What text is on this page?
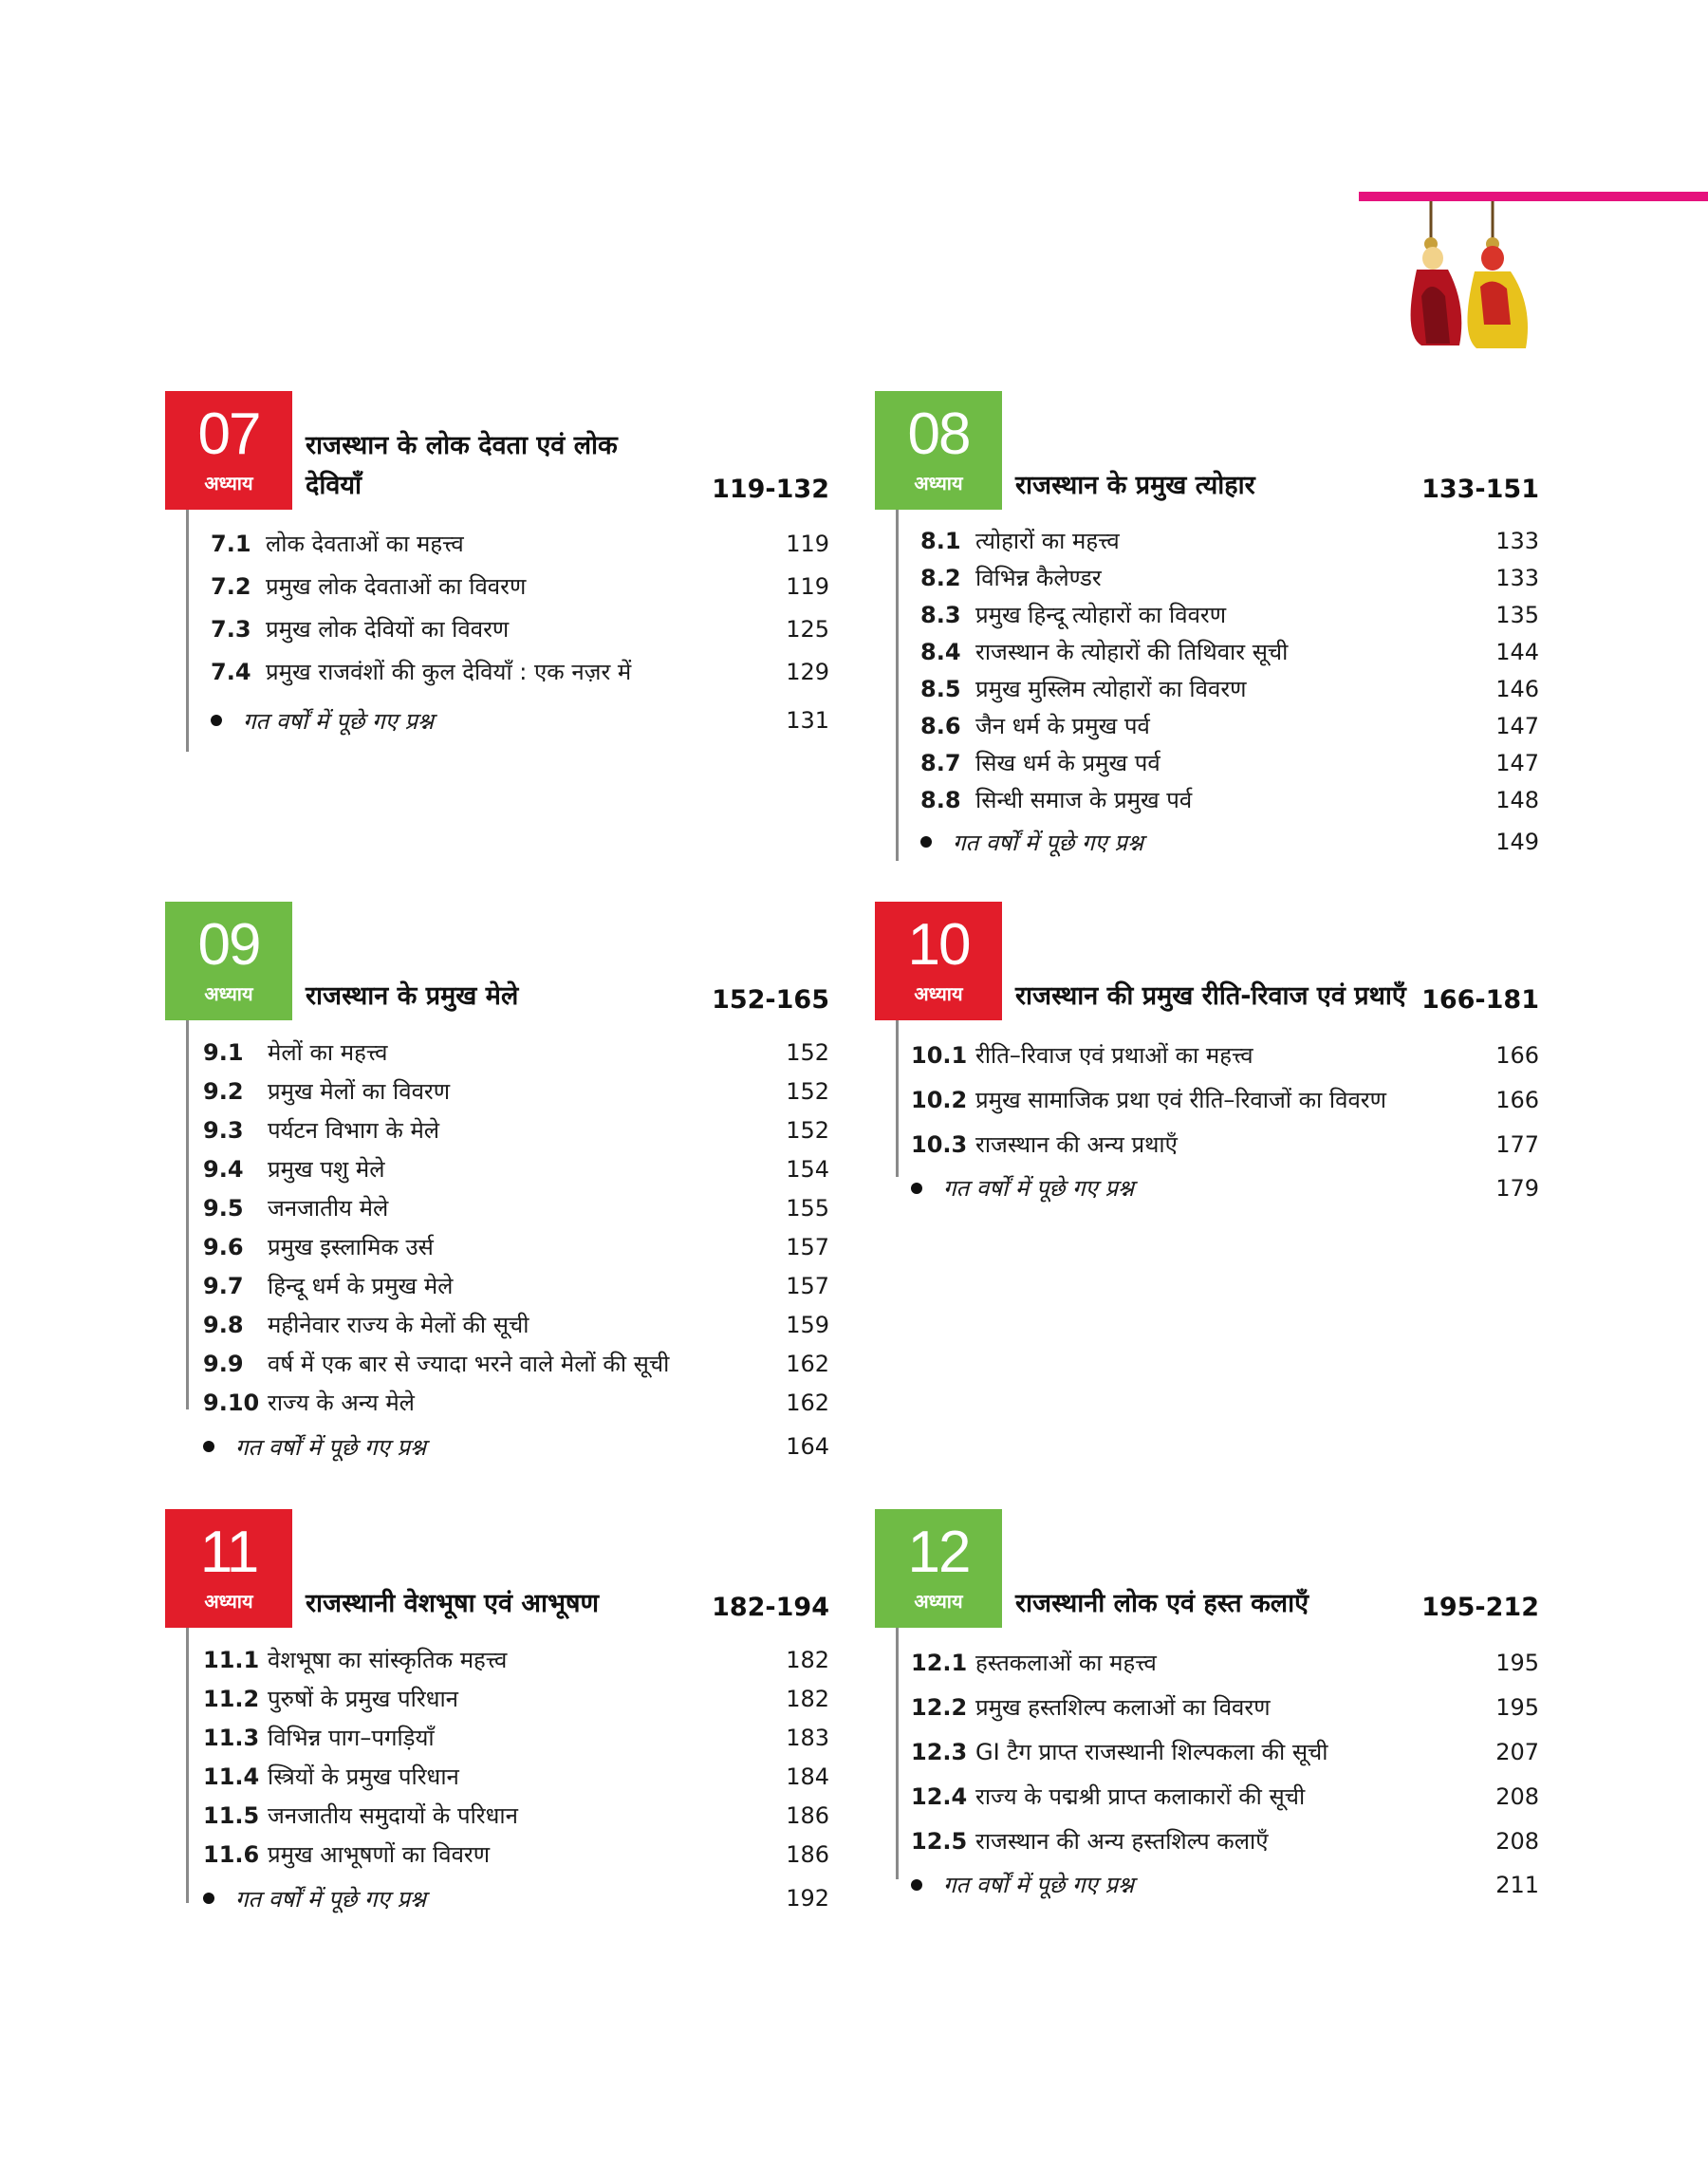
07
अध्याय
राजस्थान के लोक देवता एवं लोक देवियाँ	119-132
7.1 लोक देवताओं का महत्त्व	119
7.2 प्रमुख लोक देवताओं का विवरण	119
7.3 प्रमुख लोक देवियों का विवरण	125
7.4 प्रमुख राजवंशों की कुल देवियाँ : एक नज़र में	129
गत वर्षों में पूछे गए प्रश्न	131
08
अध्याय	राजस्थान के प्रमुख त्योहार	133-151
8.1 त्योहारों का महत्त्व	133
8.2 विभिन्न कैलेण्डर	133
8.3 प्रमुख हिन्दू त्योहारों का विवरण	135
8.4 राजस्थान के त्योहारों की तिथिवार सूची	144
8.5 प्रमुख मुस्लिम त्योहारों का विवरण	146
8.6 जैन धर्म के प्रमुख पर्व	147
8.7 सिख धर्म के प्रमुख पर्व	147
8.8 सिन्धी समाज के प्रमुख पर्व	148
गत वर्षों में पूछे गए प्रश्न	149
09
अध्याय	राजस्थान के प्रमुख मेले	152-165
9.1	मेलों का महत्त्व	152
9.2	प्रमुख मेलों का विवरण	152
9.3	पर्यटन विभाग के मेले	152
9.4	प्रमुख पशु मेले	154
9.5	जनजातीय मेले	155
9.6	प्रमुख इस्लामिक उर्स	157
9.7	हिन्दू धर्म के प्रमुख मेले	157
9.8	महीनेवार राज्य के मेलों की सूची	159
9.9	वर्ष में एक बार से ज्यादा भरने वाले मेलों की सूची	162
9.10 राज्य के अन्य मेले	162
गत वर्षों में पूछे गए प्रश्न	164
10
अध्याय	राजस्थान की प्रमुख रीति-रिवाज एवं प्रथाएँ 166-181
10.1 रीति–रिवाज एवं प्रथाओं का महत्त्व	166
10.2 प्रमुख सामाजिक प्रथा एवं रीति–रिवाजों का विवरण	166
10.3 राजस्थान की अन्य प्रथाएँ	177
गत वर्षों में पूछे गए प्रश्न	179
11
अध्याय	राजस्थानी वेशभूषा एवं आभूषण	182-194
11.1 वेशभूषा का सांस्कृतिक महत्त्व	182
11.2 पुरुषों के प्रमुख परिधान	182
11.3 विभिन्न पाग–पगड़ियाँ	183
11.4 स्त्रियों के प्रमुख परिधान	184
11.5 जनजातीय समुदायों के परिधान	186
11.6 प्रमुख आभूषणों का विवरण	186
गत वर्षों में पूछे गए प्रश्न	192
12
अध्याय	राजस्थानी लोक एवं हस्त कलाएँ	195-212
12.1 हस्तकलाओं का महत्त्व	195
12.2 प्रमुख हस्तशिल्प कलाओं का विवरण	195
12.3 GI टैग प्राप्त राजस्थानी शिल्पकला की सूची	207
12.4 राज्य के पद्मश्री प्राप्त कलाकारों की सूची	208
12.5 राजस्थान की अन्य हस्तशिल्प कलाएँ	208
गत वर्षों में पूछे गए प्रश्न	211
